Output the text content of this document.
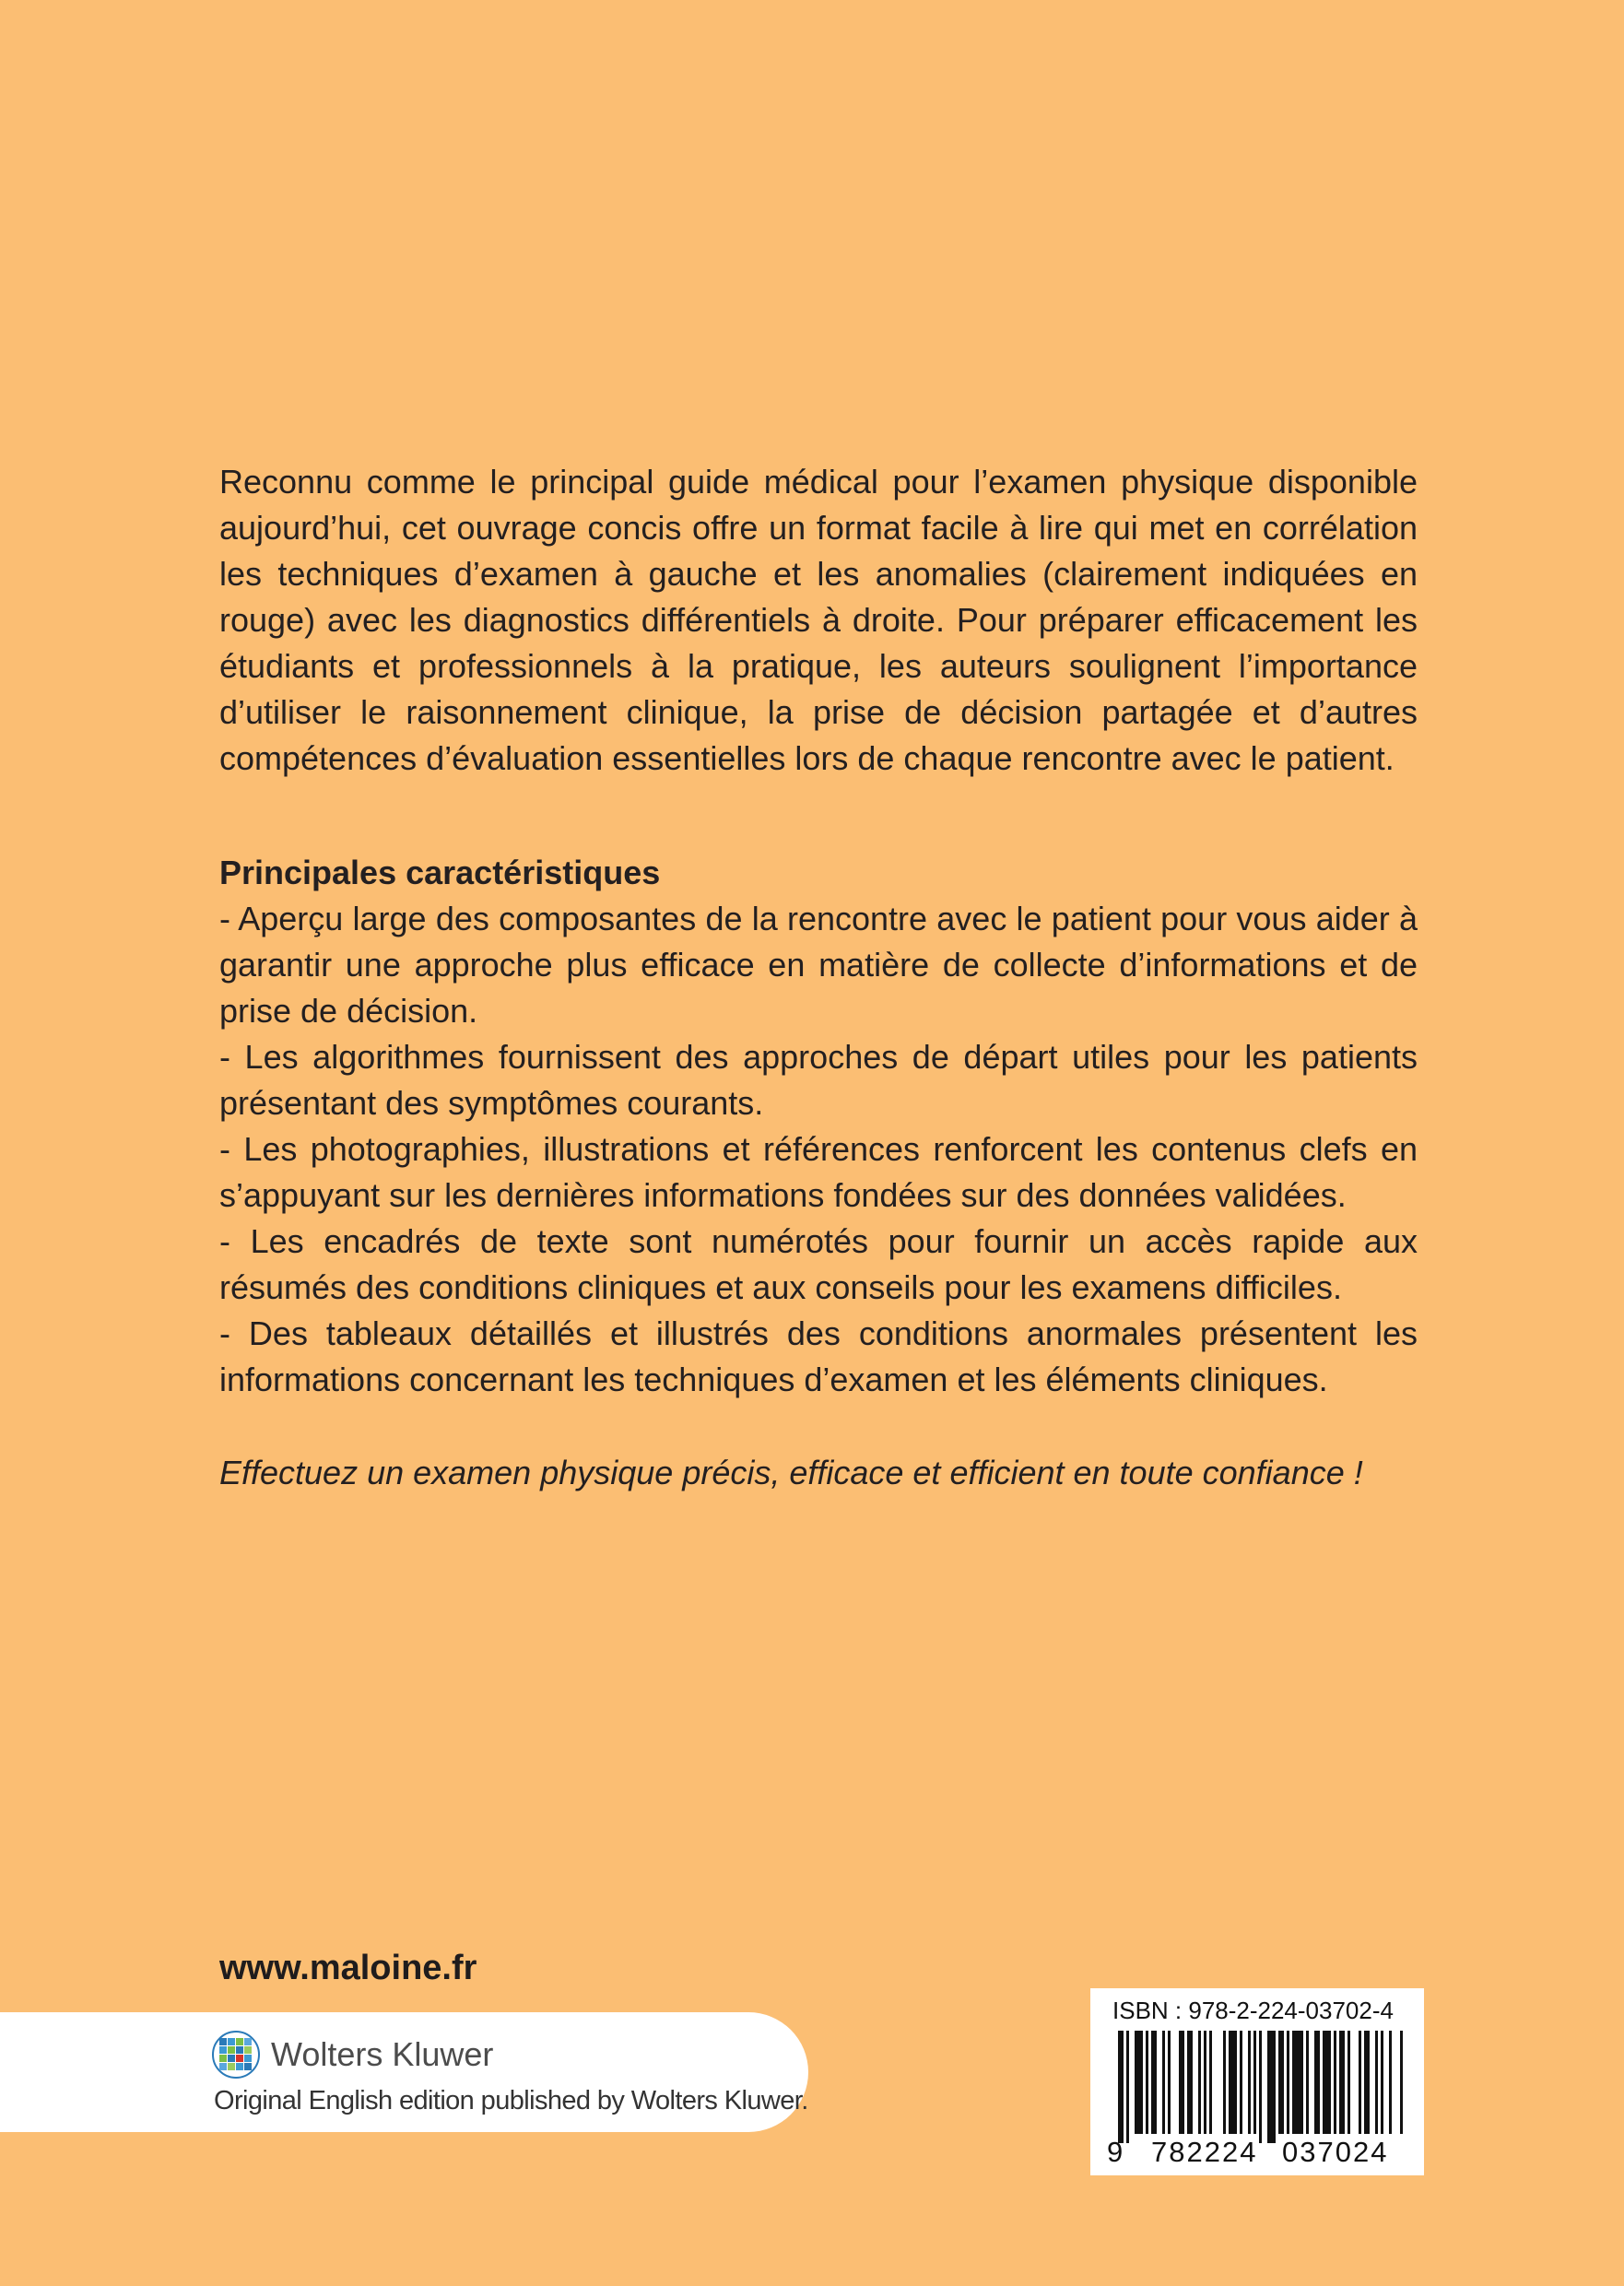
Reconnu comme le principal guide médical pour l’examen physique disponible aujourd’hui, cet ouvrage concis offre un format facile à lire qui met en corrélation les techniques d’examen à gauche et les anomalies (clairement indiquées en rouge) avec les diagnostics différentiels à droite. Pour préparer efficacement les étudiants et professionnels à la pratique, les auteurs soulignent l’importance d’utiliser le raisonnement clinique, la prise de décision partagée et d’autres compétences d’évaluation essentielles lors de chaque rencontre avec le patient.

Principales caractéristiques

- Aperçu large des composantes de la rencontre avec le patient pour vous aider à garantir une approche plus efficace en matière de collecte d’informations et de prise de décision.
- Les algorithmes fournissent des approches de départ utiles pour les patients présentant des symptômes courants.
- Les photographies, illustrations et références renforcent les contenus clefs en s’appuyant sur les dernières informations fondées sur des données validées.
- Les encadrés de texte sont numérotés pour fournir un accès rapide aux résumés des conditions cliniques et aux conseils pour les examens difficiles.
- Des tableaux détaillés et illustrés des conditions anormales présentent les informations concernant les techniques d’examen et les éléments cliniques.

Effectuez un examen physique précis, efficace et efficient en toute confiance !

www.maloine.fr

Wolters Kluwer
Original English edition published by Wolters Kluwer.
ISBN : 978-2-224-03702-4
9 782224 037024
